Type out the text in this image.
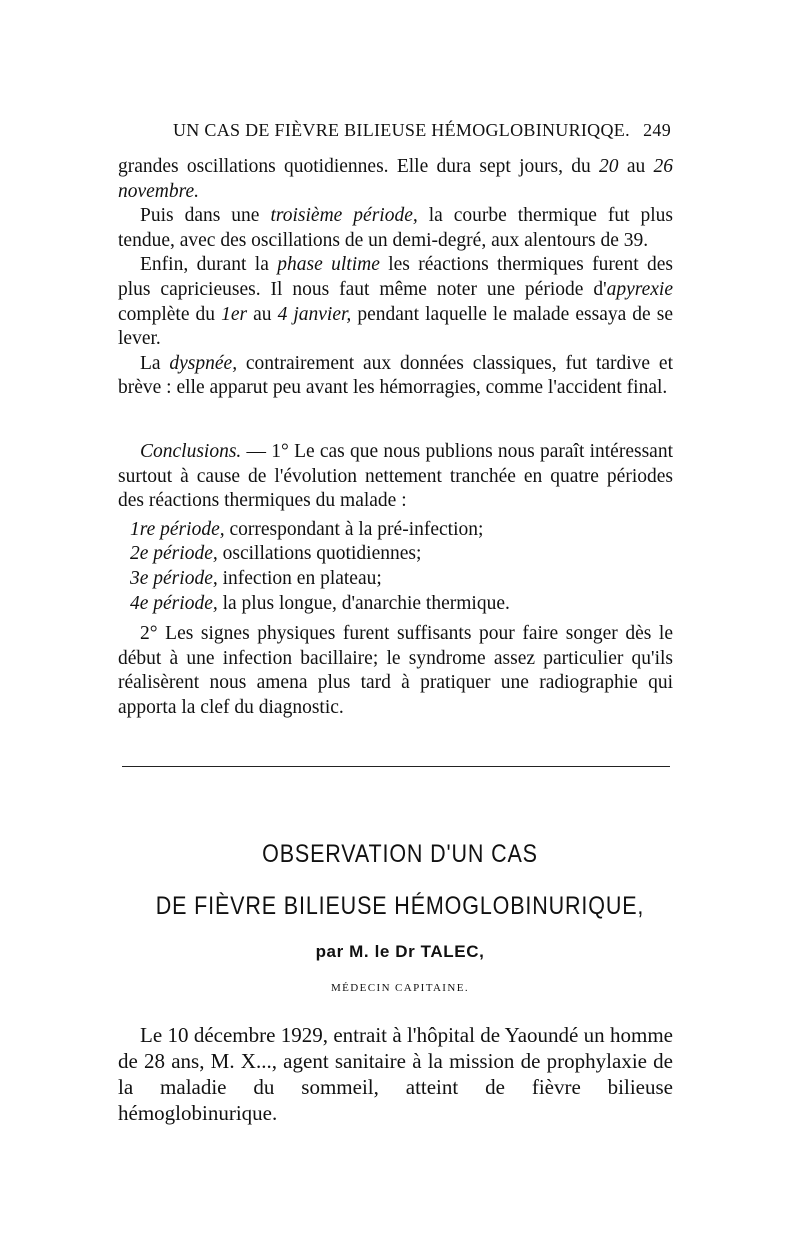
UN CAS DE FIÈVRE BILIEUSE HÉMOGLOBINURIQQE. 249

grandes oscillations quotidiennes. Elle dura sept jours, du 20 au 26 novembre.

Puis dans une troisième période, la courbe thermique fut plus tendue, avec des oscillations de un demi-degré, aux alentours de 39.

Enfin, durant la phase ultime les réactions thermiques furent des plus capricieuses. Il nous faut même noter une période d'apyrexie complète du 1er au 4 janvier, pendant laquelle le malade essaya de se lever.

La dyspnée, contrairement aux données classiques, fut tardive et brève : elle apparut peu avant les hémorragies, comme l'accident final.

Conclusions. — 1° Le cas que nous publions nous paraît intéressant surtout à cause de l'évolution nettement tranchée en quatre périodes des réactions thermiques du malade :

1re période, correspondant à la pré-infection;

2e période, oscillations quotidiennes;

3e période, infection en plateau;

4e période, la plus longue, d'anarchie thermique.

2° Les signes physiques furent suffisants pour faire songer dès le début à une infection bacillaire; le syndrome assez particulier qu'ils réalisèrent nous amena plus tard à pratiquer une radiographie qui apporta la clef du diagnostic.

OBSERVATION D'UN CAS
DE FIÈVRE BILIEUSE HÉMOGLOBINURIQUE,
par M. le Dr TALEC,
MÉDECIN CAPITAINE.

Le 10 décembre 1929, entrait à l'hôpital de Yaoundé un homme de 28 ans, M. X..., agent sanitaire à la mission de prophylaxie de la maladie du sommeil, atteint de fièvre bilieuse hémoglobinurique.
